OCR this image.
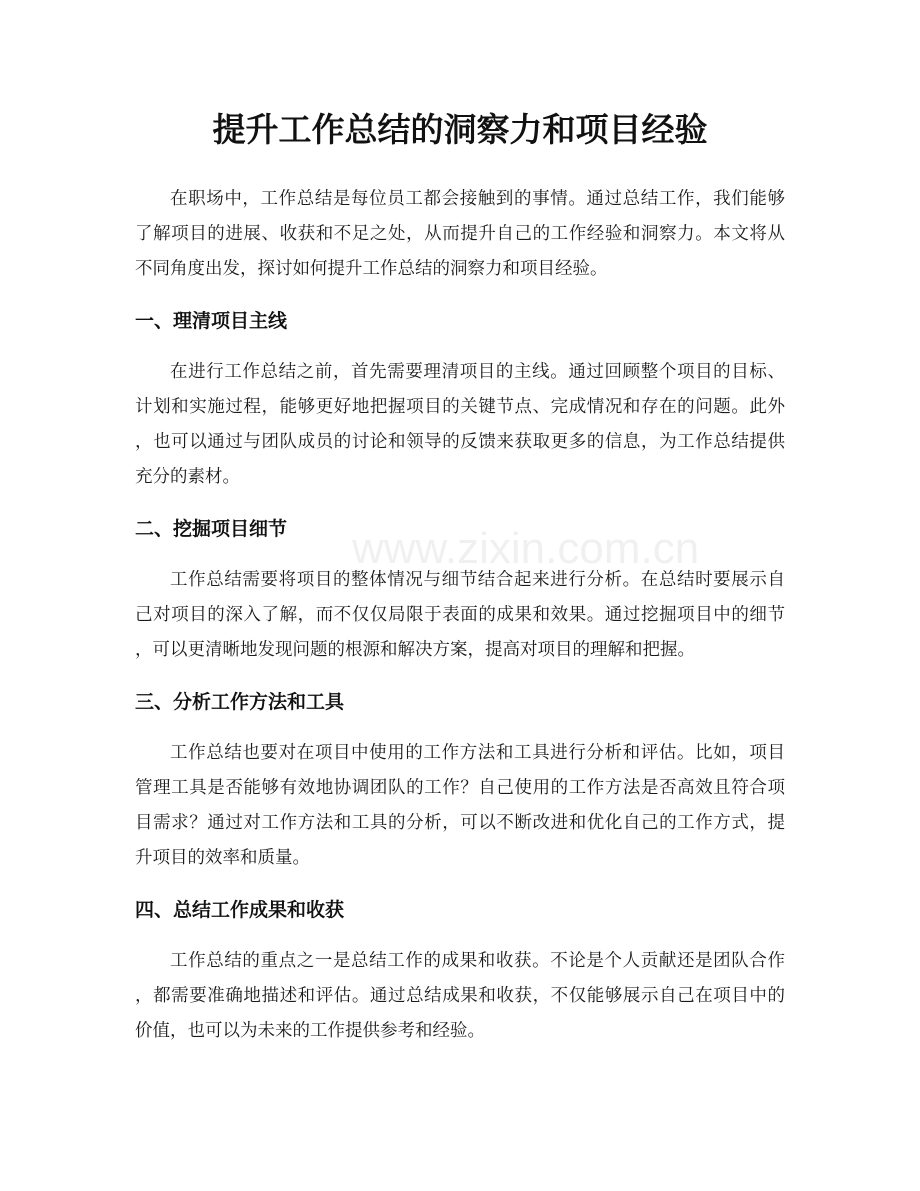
www.zixin.com.cn
提升工作总结的洞察力和项目经验
在职场中，工作总结是每位员工都会接触到的事情。通过总结工作，我们能够
了解项目的进展、收获和不足之处，从而提升自己的工作经验和洞察力。本文将从
不同角度出发，探讨如何提升工作总结的洞察力和项目经验。
一、理清项目主线
在进行工作总结之前，首先需要理清项目的主线。通过回顾整个项目的目标、
计划和实施过程，能够更好地把握项目的关键节点、完成情况和存在的问题。此外
，也可以通过与团队成员的讨论和领导的反馈来获取更多的信息，为工作总结提供
充分的素材。
二、挖掘项目细节
工作总结需要将项目的整体情况与细节结合起来进行分析。在总结时要展示自
己对项目的深入了解，而不仅仅局限于表面的成果和效果。通过挖掘项目中的细节
，可以更清晰地发现问题的根源和解决方案，提高对项目的理解和把握。
三、分析工作方法和工具
工作总结也要对在项目中使用的工作方法和工具进行分析和评估。比如，项目
管理工具是否能够有效地协调团队的工作？自己使用的工作方法是否高效且符合项
目需求？通过对工作方法和工具的分析，可以不断改进和优化自己的工作方式，提
升项目的效率和质量。
四、总结工作成果和收获
工作总结的重点之一是总结工作的成果和收获。不论是个人贡献还是团队合作
，都需要准确地描述和评估。通过总结成果和收获，不仅能够展示自己在项目中的
价值，也可以为未来的工作提供参考和经验。
